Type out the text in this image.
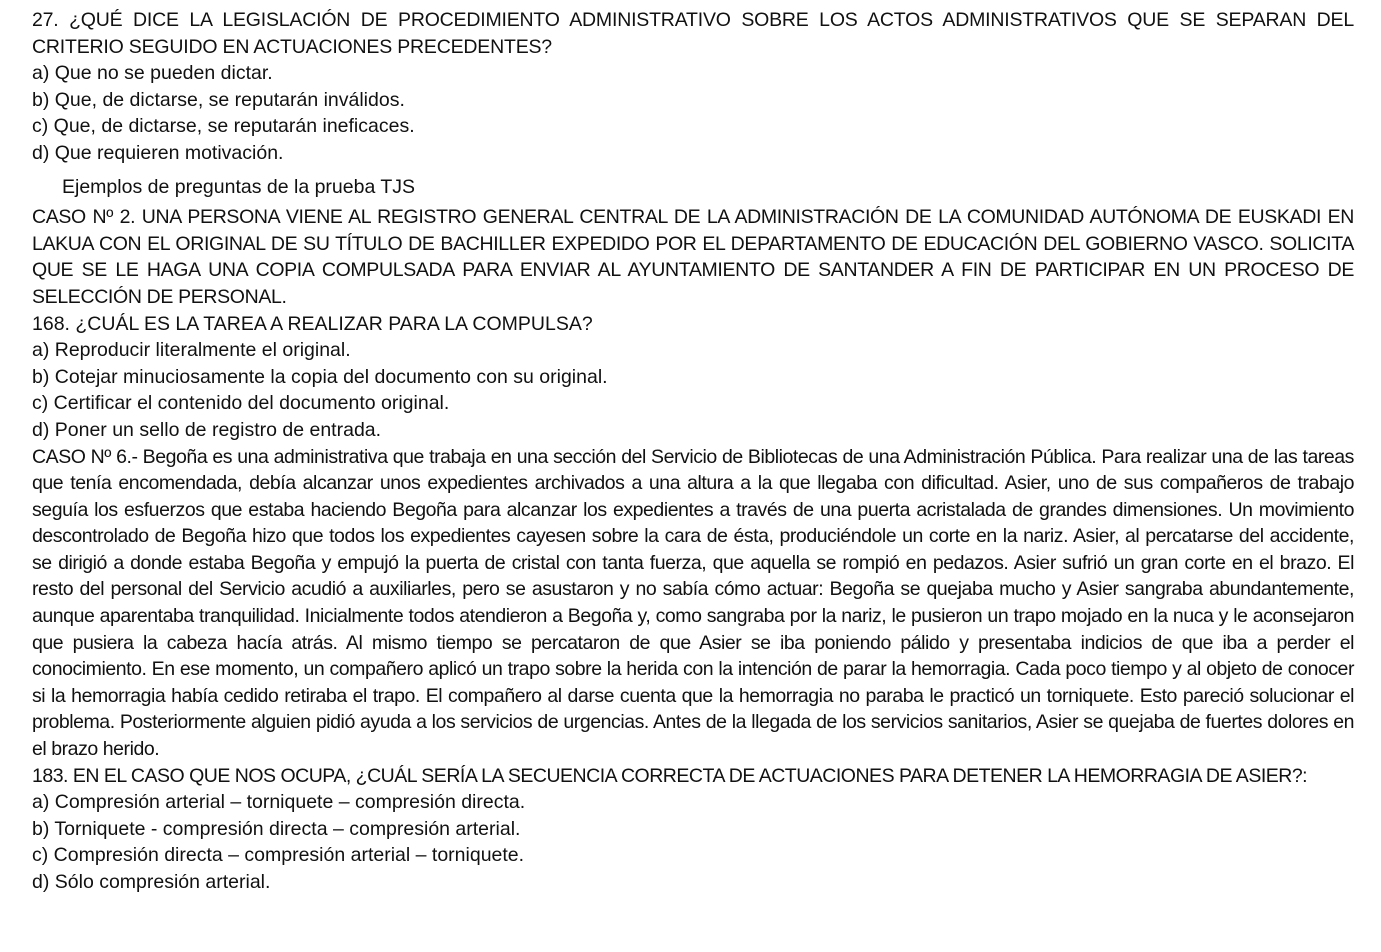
27. ¿QUÉ DICE LA LEGISLACIÓN DE PROCEDIMIENTO ADMINISTRATIVO SOBRE LOS ACTOS ADMINISTRATIVOS QUE SE SEPARAN DEL CRITERIO SEGUIDO EN ACTUACIONES PRECEDENTES?
a) Que no se pueden dictar.
b) Que, de dictarse, se reputarán inválidos.
c) Que, de dictarse, se reputarán ineficaces.
d) Que requieren motivación.
Ejemplos de preguntas de la prueba TJS
CASO Nº 2. UNA PERSONA VIENE AL REGISTRO GENERAL CENTRAL DE LA ADMINISTRACIÓN DE LA COMUNIDAD AUTÓNOMA DE EUSKADI EN LAKUA CON EL ORIGINAL DE SU TÍTULO DE BACHILLER EXPEDIDO POR EL DEPARTAMENTO DE EDUCACIÓN DEL GOBIERNO VASCO. SOLICITA QUE SE LE HAGA UNA COPIA COMPULSADA PARA ENVIAR AL AYUNTAMIENTO DE SANTANDER A FIN DE PARTICIPAR EN UN PROCESO DE SELECCIÓN DE PERSONAL.
168. ¿CUÁL ES LA TAREA A REALIZAR PARA LA COMPULSA?
a) Reproducir literalmente el original.
b) Cotejar minuciosamente la copia del documento con su original.
c) Certificar el contenido del documento original.
d) Poner un sello de registro de entrada.
CASO Nº 6.- Begoña es una administrativa que trabaja en una sección del Servicio de Bibliotecas de una Administración Pública. Para realizar una de las tareas que tenía encomendada, debía alcanzar unos expedientes archivados a una altura a la que llegaba con dificultad. Asier, uno de sus compañeros de trabajo seguía los esfuerzos que estaba haciendo Begoña para alcanzar los expedientes a través de una puerta acristalada de grandes dimensiones. Un movimiento descontrolado de Begoña hizo que todos los expedientes cayesen sobre la cara de ésta, produciéndole un corte en la nariz. Asier, al percatarse del accidente, se dirigió a donde estaba Begoña y empujó la puerta de cristal con tanta fuerza, que aquella se rompió en pedazos. Asier sufrió un gran corte en el brazo. El resto del personal del Servicio acudió a auxiliarles, pero se asustaron y no sabía cómo actuar: Begoña se quejaba mucho y Asier sangraba abundantemente, aunque aparentaba tranquilidad. Inicialmente todos atendieron a Begoña y, como sangraba por la nariz, le pusieron un trapo mojado en la nuca y le aconsejaron que pusiera la cabeza hacía atrás. Al mismo tiempo se percataron de que Asier se iba poniendo pálido y presentaba indicios de que iba a perder el conocimiento. En ese momento, un compañero aplicó un trapo sobre la herida con la intención de parar la hemorragia. Cada poco tiempo y al objeto de conocer si la hemorragia había cedido retiraba el trapo. El compañero al darse cuenta que la hemorragia no paraba le practicó un torniquete. Esto pareció solucionar el problema. Posteriormente alguien pidió ayuda a los servicios de urgencias. Antes de la llegada de los servicios sanitarios, Asier se quejaba de fuertes dolores en el brazo herido.
183. EN EL CASO QUE NOS OCUPA, ¿CUÁL SERÍA LA SECUENCIA CORRECTA DE ACTUACIONES PARA DETENER LA HEMORRAGIA DE ASIER?:
a) Compresión arterial – torniquete – compresión directa.
b) Torniquete - compresión directa – compresión arterial.
c) Compresión directa – compresión arterial – torniquete.
d) Sólo compresión arterial.
